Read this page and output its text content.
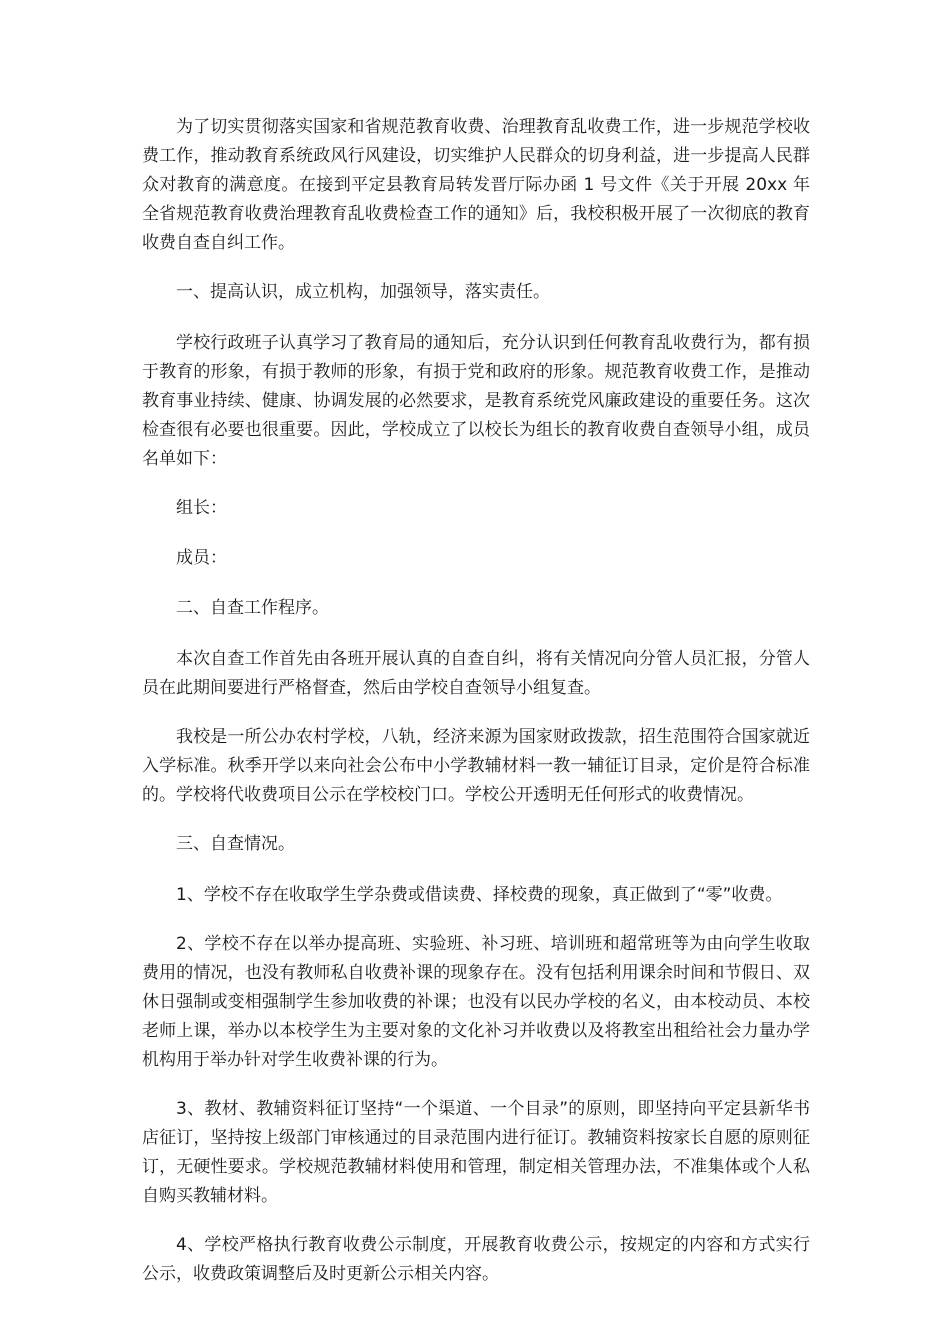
为了切实贯彻落实国家和省规范教育收费、治理教育乱收费工作，进一步规范学校收费工作，推动教育系统政风行风建设，切实维护人民群众的切身利益，进一步提高人民群众对教育的满意度。在接到平定县教育局转发晋厅际办函 1 号文件《关于开展 20xx 年全省规范教育收费治理教育乱收费检查工作的通知》后，我校积极开展了一次彻底的教育收费自查自纠工作。

一、提高认识，成立机构，加强领导，落实责任。

学校行政班子认真学习了教育局的通知后，充分认识到任何教育乱收费行为，都有损于教育的形象，有损于教师的形象，有损于党和政府的形象。规范教育收费工作，是推动教育事业持续、健康、协调发展的必然要求，是教育系统党风廉政建设的重要任务。这次检查很有必要也很重要。因此，学校成立了以校长为组长的教育收费自查领导小组，成员名单如下：

组长：

成员：

二、自查工作程序。

本次自查工作首先由各班开展认真的自查自纠，将有关情况向分管人员汇报，分管人员在此期间要进行严格督查，然后由学校自查领导小组复查。

我校是一所公办农村学校，八轨，经济来源为国家财政拨款，招生范围符合国家就近入学标准。秋季开学以来向社会公布中小学教辅材料一教一辅征订目录，定价是符合标准的。学校将代收费项目公示在学校校门口。学校公开透明无任何形式的收费情况。

三、自查情况。

1、学校不存在收取学生学杂费或借读费、择校费的现象，真正做到了“零”收费。

2、学校不存在以举办提高班、实验班、补习班、培训班和超常班等为由向学生收取费用的情况，也没有教师私自收费补课的现象存在。没有包括利用课余时间和节假日、双休日强制或变相强制学生参加收费的补课；也没有以民办学校的名义，由本校动员、本校老师上课，举办以本校学生为主要对象的文化补习并收费以及将教室出租给社会力量办学机构用于举办针对学生收费补课的行为。

3、教材、教辅资料征订坚持“一个渠道、一个目录”的原则，即坚持向平定县新华书店征订，坚持按上级部门审核通过的目录范围内进行征订。教辅资料按家长自愿的原则征订，无硬性要求。学校规范教辅材料使用和管理，制定相关管理办法，不准集体或个人私自购买教辅材料。

4、学校严格执行教育收费公示制度，开展教育收费公示，按规定的内容和方式实行公示，收费政策调整后及时更新公示相关内容。
